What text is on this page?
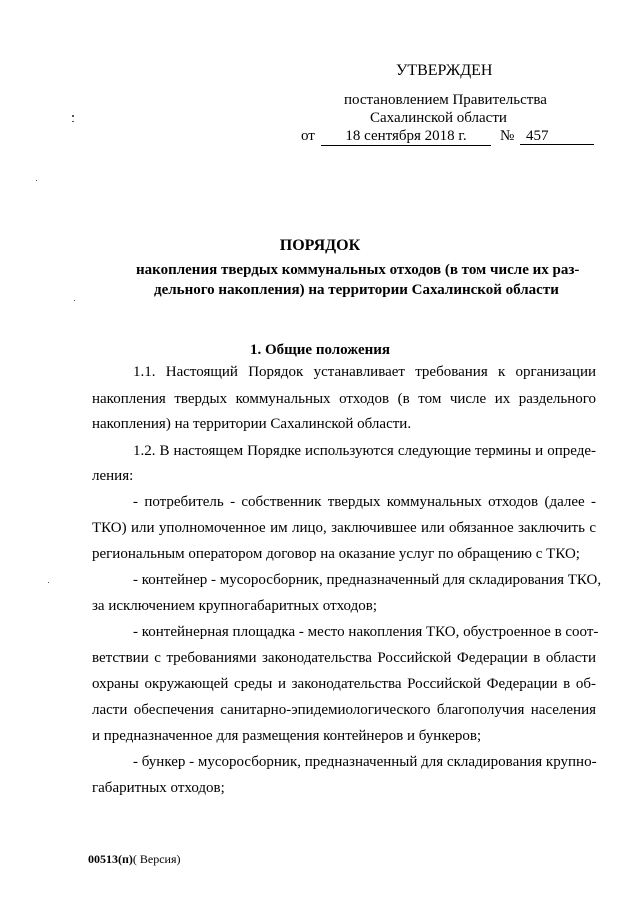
УТВЕРЖДЕН
постановлением Правительства
Сахалинской области
от	18 сентября 2018 г.	№ 457
ПОРЯДОК
накопления твердых коммунальных отходов (в том числе их раз-
дельного накопления) на территории Сахалинской области
1. Общие положения
1.1. Настоящий Порядок устанавливает требования к организации
накопления твердых коммунальных отходов (в том числе их раздельного
накопления) на территории Сахалинской области.
1.2. В настоящем Порядке используются следующие термины и опреде-
ления:
- потребитель - собственник твердых коммунальных отходов (далее -
ТКО) или уполномоченное им лицо, заключившее или обязанное заключить с
региональным оператором договор на оказание услуг по обращению с ТКО;
- контейнер - мусоросборник, предназначенный для складирования ТКО,
за исключением крупногабаритных отходов;
- контейнерная площадка - место накопления ТКО, обустроенное в соот-
ветствии с требованиями законодательства Российской Федерации в области
охраны окружающей среды и законодательства Российской Федерации в об-
ласти обеспечения санитарно-эпидемиологического благополучия населения
и предназначенное для размещения контейнеров и бункеров;
- бункер - мусоросборник, предназначенный для складирования крупно-
габаритных отходов;
00513(п)( Версия)
